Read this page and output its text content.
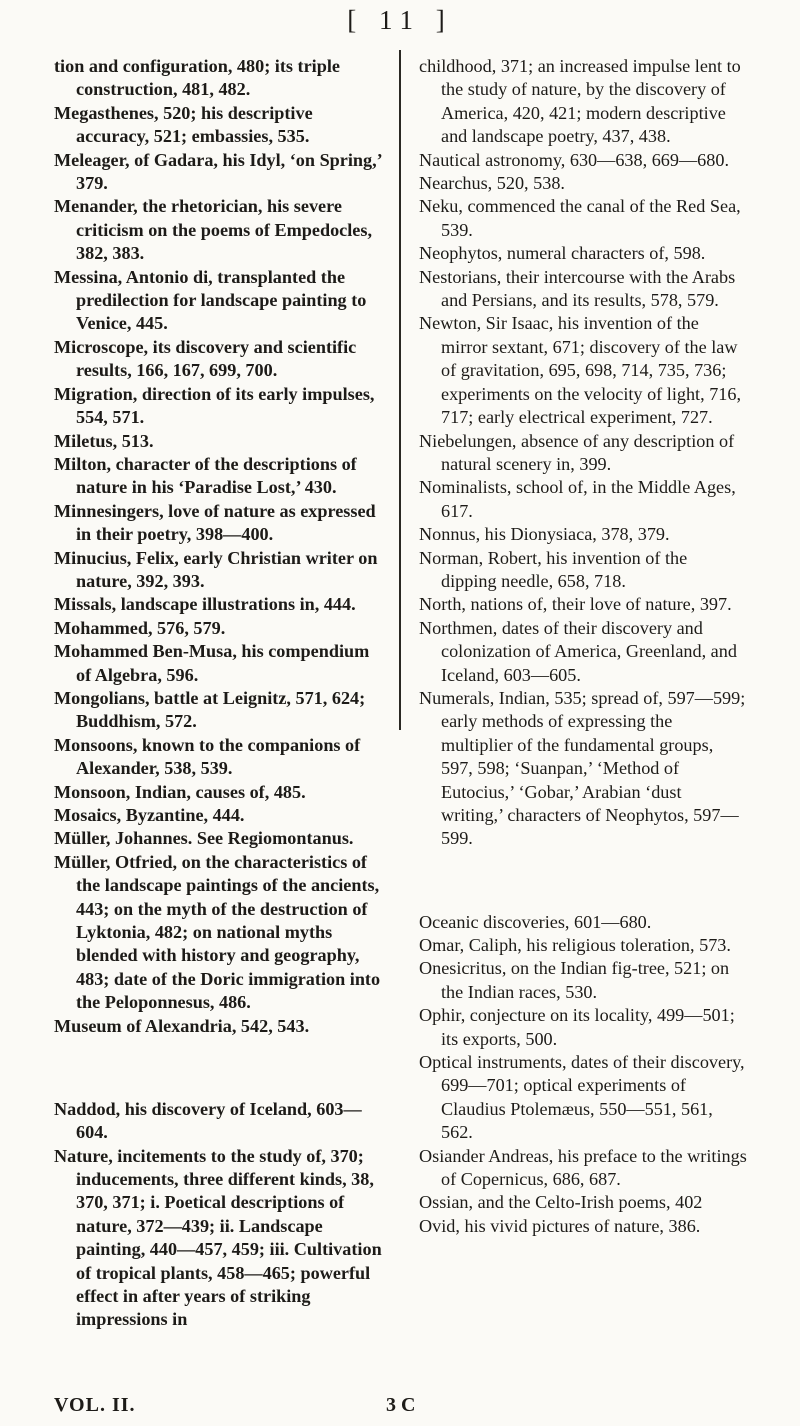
[ 11 ]

tion and configuration, 480; its triple construction, 481, 482.

Megasthenes, 520; his descriptive accuracy, 521; embassies, 535.

Meleager, of Gadara, his Idyl, ‘on Spring,’ 379.

Menander, the rhetorician, his severe criticism on the poems of Empedocles, 382, 383.

Messina, Antonio di, transplanted the predilection for landscape painting to Venice, 445.

Microscope, its discovery and scientific results, 166, 167, 699, 700.

Migration, direction of its early impulses, 554, 571.

Miletus, 513.

Milton, character of the descriptions of nature in his ‘Paradise Lost,’ 430.

Minnesingers, love of nature as expressed in their poetry, 398—400.

Minucius, Felix, early Christian writer on nature, 392, 393.

Missals, landscape illustrations in, 444.

Mohammed, 576, 579.

Mohammed Ben-Musa, his compendium of Algebra, 596.

Mongolians, battle at Leignitz, 571, 624; Buddhism, 572.

Monsoons, known to the companions of Alexander, 538, 539.

Monsoon, Indian, causes of, 485.

Mosaics, Byzantine, 444.

Müller, Johannes. See Regiomontanus.

Müller, Otfried, on the characteristics of the landscape paintings of the ancients, 443; on the myth of the destruction of Lyktonia, 482; on national myths blended with history and geography, 483; date of the Doric immigration into the Peloponnesus, 486.

Museum of Alexandria, 542, 543.

Naddod, his discovery of Iceland, 603—604.

Nature, incitements to the study of, 370; inducements, three different kinds, 38, 370, 371; i. Poetical descriptions of nature, 372—439; ii. Landscape painting, 440—457, 459; iii. Cultivation of tropical plants, 458—465; powerful effect in after years of striking impressions in

childhood, 371; an increased impulse lent to the study of nature, by the discovery of America, 420, 421; modern descriptive and landscape poetry, 437, 438.

Nautical astronomy, 630—638, 669—680.

Nearchus, 520, 538.

Neku, commenced the canal of the Red Sea, 539.

Neophytos, numeral characters of, 598.

Nestorians, their intercourse with the Arabs and Persians, and its results, 578, 579.

Newton, Sir Isaac, his invention of the mirror sextant, 671; discovery of the law of gravitation, 695, 698, 714, 735, 736; experiments on the velocity of light, 716, 717; early electrical experiment, 727.

Niebelungen, absence of any description of natural scenery in, 399.

Nominalists, school of, in the Middle Ages, 617.

Nonnus, his Dionysiaca, 378, 379.

Norman, Robert, his invention of the dipping needle, 658, 718.

North, nations of, their love of nature, 397.

Northmen, dates of their discovery and colonization of America, Greenland, and Iceland, 603—605.

Numerals, Indian, 535; spread of, 597—599; early methods of expressing the multiplier of the fundamental groups, 597, 598; ‘Suanpan,’ ‘Method of Eutocius,’ ‘Gobar,’ Arabian ‘dust writing,’ characters of Neophytos, 597—599.

Oceanic discoveries, 601—680.

Omar, Caliph, his religious toleration, 573.

Onesicritus, on the Indian fig-tree, 521; on the Indian races, 530.

Ophir, conjecture on its locality, 499—501; its exports, 500.

Optical instruments, dates of their discovery, 699—701; optical experiments of Claudius Ptolemæus, 550—551, 561, 562.

Osiander Andreas, his preface to the writings of Copernicus, 686, 687.

Ossian, and the Celto-Irish poems, 402

Ovid, his vivid pictures of nature, 386.

VOL. II.	3 C
